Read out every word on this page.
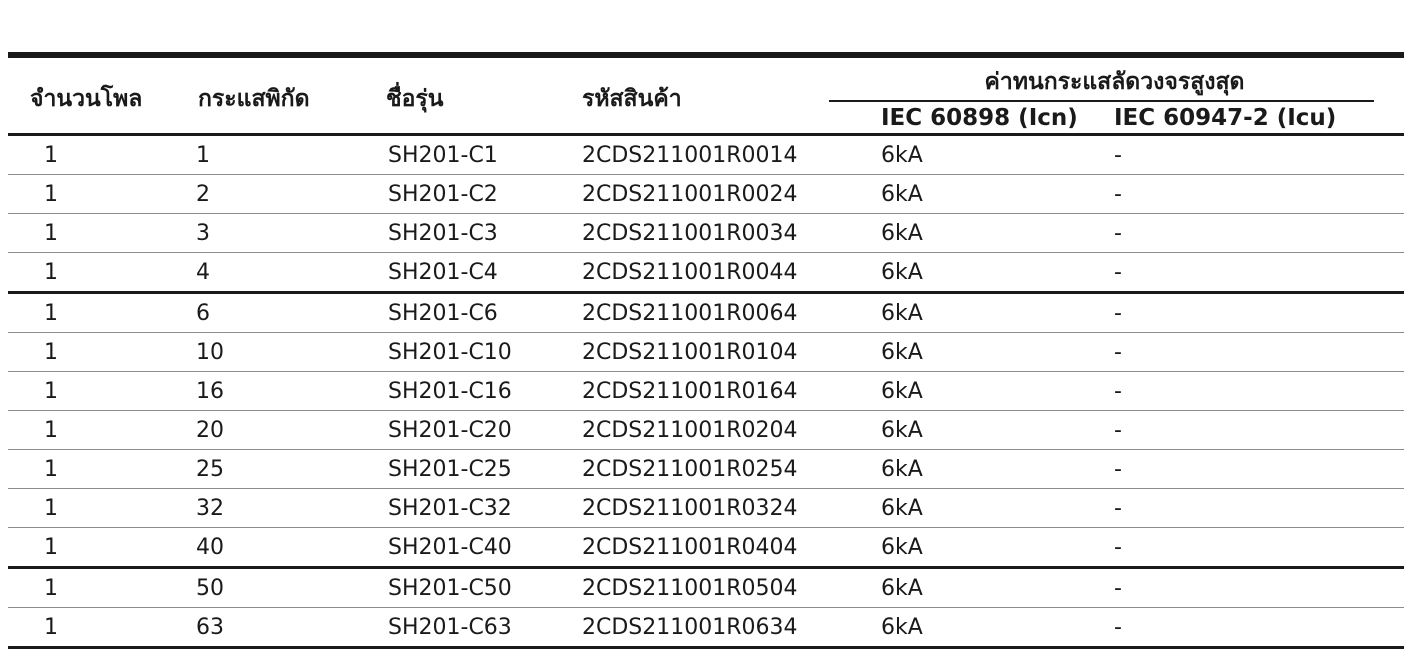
จำนวนโพล	กระแสพิกัด	ชื่อรุ่น	รหัสสินค้า	ค่าทนกระแสลัดวงจรสูงสุด	

				IEC 60898 (Icn)	IEC 60947-2 (Icu)
1	1	SH201-C1	2CDS211001R0014	6kA	-
1	2	SH201-C2	2CDS211001R0024	6kA	-
1	3	SH201-C3	2CDS211001R0034	6kA	-
1	4	SH201-C4	2CDS211001R0044	6kA	-
1	6	SH201-C6	2CDS211001R0064	6kA	-
1	10	SH201-C10	2CDS211001R0104	6kA	-
1	16	SH201-C16	2CDS211001R0164	6kA	-
1	20	SH201-C20	2CDS211001R0204	6kA	-
1	25	SH201-C25	2CDS211001R0254	6kA	-
1	32	SH201-C32	2CDS211001R0324	6kA	-
1	40	SH201-C40	2CDS211001R0404	6kA	-
1	50	SH201-C50	2CDS211001R0504	6kA	-
1	63	SH201-C63	2CDS211001R0634	6kA	-
